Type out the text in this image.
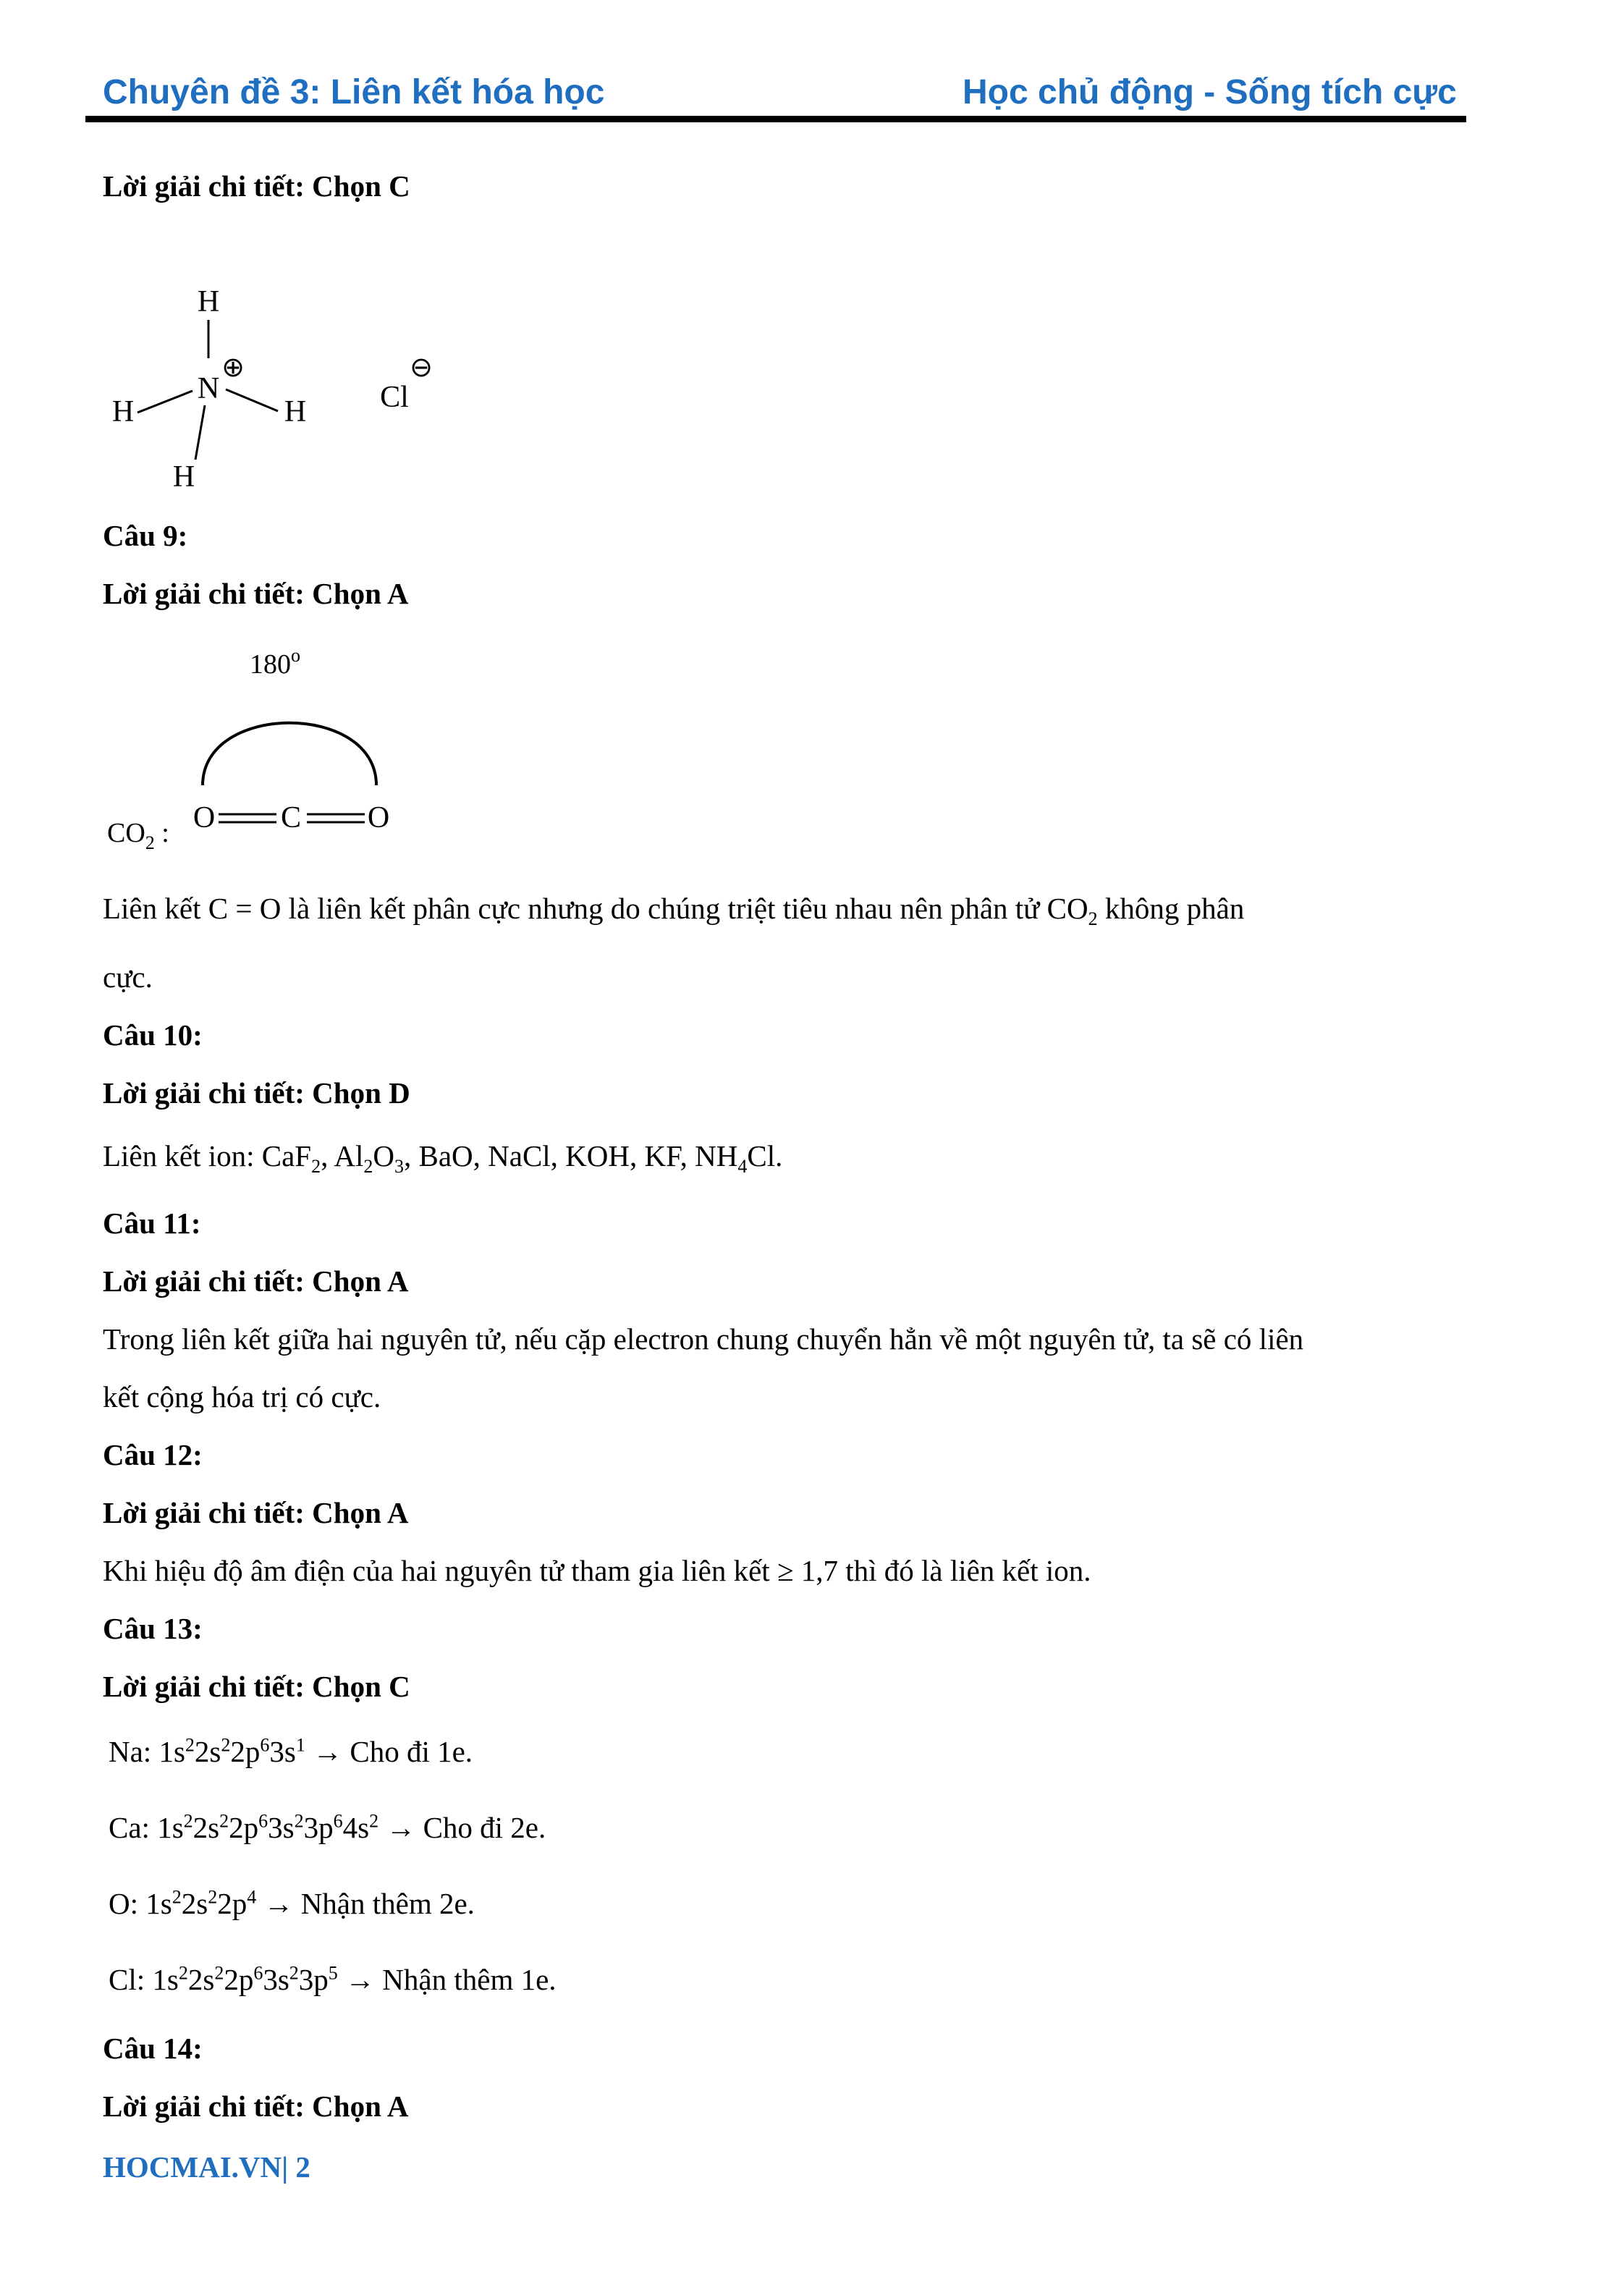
Chuyên đề 3: Liên kết hóa học	Học chủ động - Sống tích cực
Lời giải chi tiết: Chọn C
H
N
⊕
H	H
H
Cl
⊖
Câu 9:
Lời giải chi tiết: Chọn A
180$^o$
$CO_2$ : O C O
Liên kết C = O là liên kết phân cực nhưng do chúng triệt tiêu nhau nên phân tử $CO_2$ không phân
cực.
Câu 10:
Lời giải chi tiết: Chọn D
Liên kết ion: CaF$_2$, $Al_2O_3$, BaO, NaCl, KOH, KF, $NH_4Cl$.
Câu 11:
Lời giải chi tiết: Chọn A
Trong liên kết giữa hai nguyên tử, nếu cặp electron chung chuyển hẳn về một nguyên tử, ta sẽ có liên
kết cộng hóa trị có cực.
Câu 12:
Lời giải chi tiết: Chọn A
Khi hiệu độ âm điện của hai nguyên tử tham gia liên kết ≥ 1,7 thì đó là liên kết ion.
Câu 13:
Lời giải chi tiết: Chọn C
Na: $1s^22s^22p^63s^1$ → Cho đi 1e.
Ca: $1s^22s^22p^63s^23p^64s^2$ → Cho đi 2e.
O: $1s^22s^22p^4$ → Nhận thêm 2e.
Cl: $1s^22s^22p^63s^23p^5$ → Nhận thêm 1e.
Câu 14:
Lời giải chi tiết: Chọn A
HOCMAI.VN| 2
